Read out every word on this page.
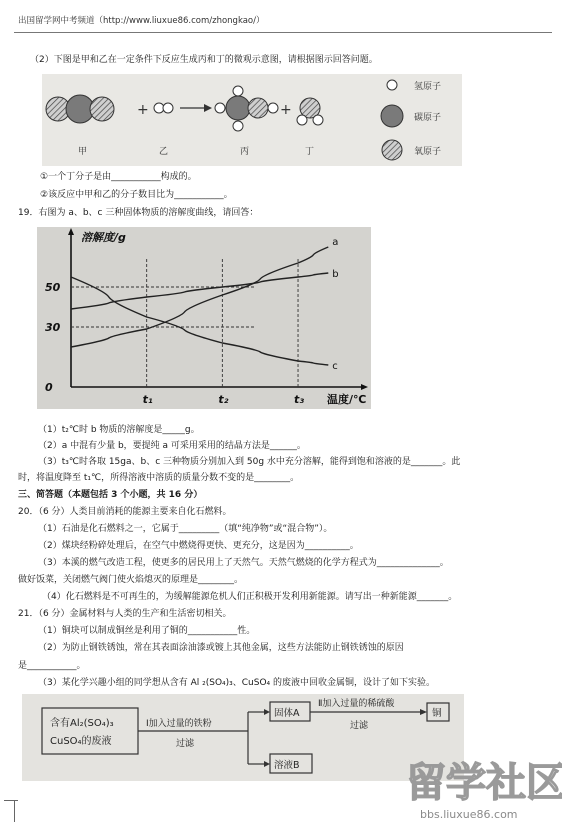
出国留学网中考频道（http://www.liuxue86.com/zhongkao/）
（2）下图是甲和乙在一定条件下反应生成丙和丁的微观示意图，请根据图示回答问题。
+	+
甲	乙	丙	丁
氢原子
碳原子
氧原子
①一个丁分子是由___________构成的。
②该反应中甲和乙的分子数目比为___________。
19．右图为 a、b、c 三种固体物质的溶解度曲线，请回答：
溶解度/g
温度/℃
0
30
50
t₁	t₂	t₃
a
b
c
（1）t₂℃时 b 物质的溶解度是_____g。
（2）a 中混有少量 b，要提纯 a 可采用采用的结晶方法是______。
（3）t₃℃时各取 15ga、b、c 三种物质分别加入到 50g 水中充分溶解，能得到饱和溶液的是_______。此
时，将温度降至 t₁℃，所得溶液中溶质的质量分数不变的是________。
三、简答题（本题包括 3 个小题，共 16 分）
20．（6 分）人类目前消耗的能源主要来自化石燃料。
（1）石油是化石燃料之一，它属于_________（填“纯净物”或“混合物”）。
（2）煤块经粉碎处理后，在空气中燃烧得更快、更充分，这是因为__________。
（3）本溪的燃气改造工程，使更多的居民用上了天然气。天然气燃烧的化学方程式为______________。
做好饭菜，关闭燃气阀门使火焰熄灭的原理是________。
（4）化石燃料是不可再生的，为缓解能源危机人们正积极开发利用新能源。请写出一种新能源_______。
21．（6 分）金属材料与人类的生产和生活密切相关。
（1）铜块可以制成铜丝是利用了铜的___________性。
（2）为防止钢铁锈蚀，常在其表面涂油漆或镀上其他金属，这些方法能防止钢铁锈蚀的原因
是___________。
（3）某化学兴趣小组的同学想从含有 Al ₂(SO₄)₃、CuSO₄ 的废液中回收金属铜，设计了如下实验。
含有Al₂(SO₄)₃
CuSO₄的废液
Ⅰ加入过量的铁粉
过滤
固体A
溶液B
Ⅱ加入过量的稀硫酸
过滤
铜
留学社区
bbs.liuxue86.com
